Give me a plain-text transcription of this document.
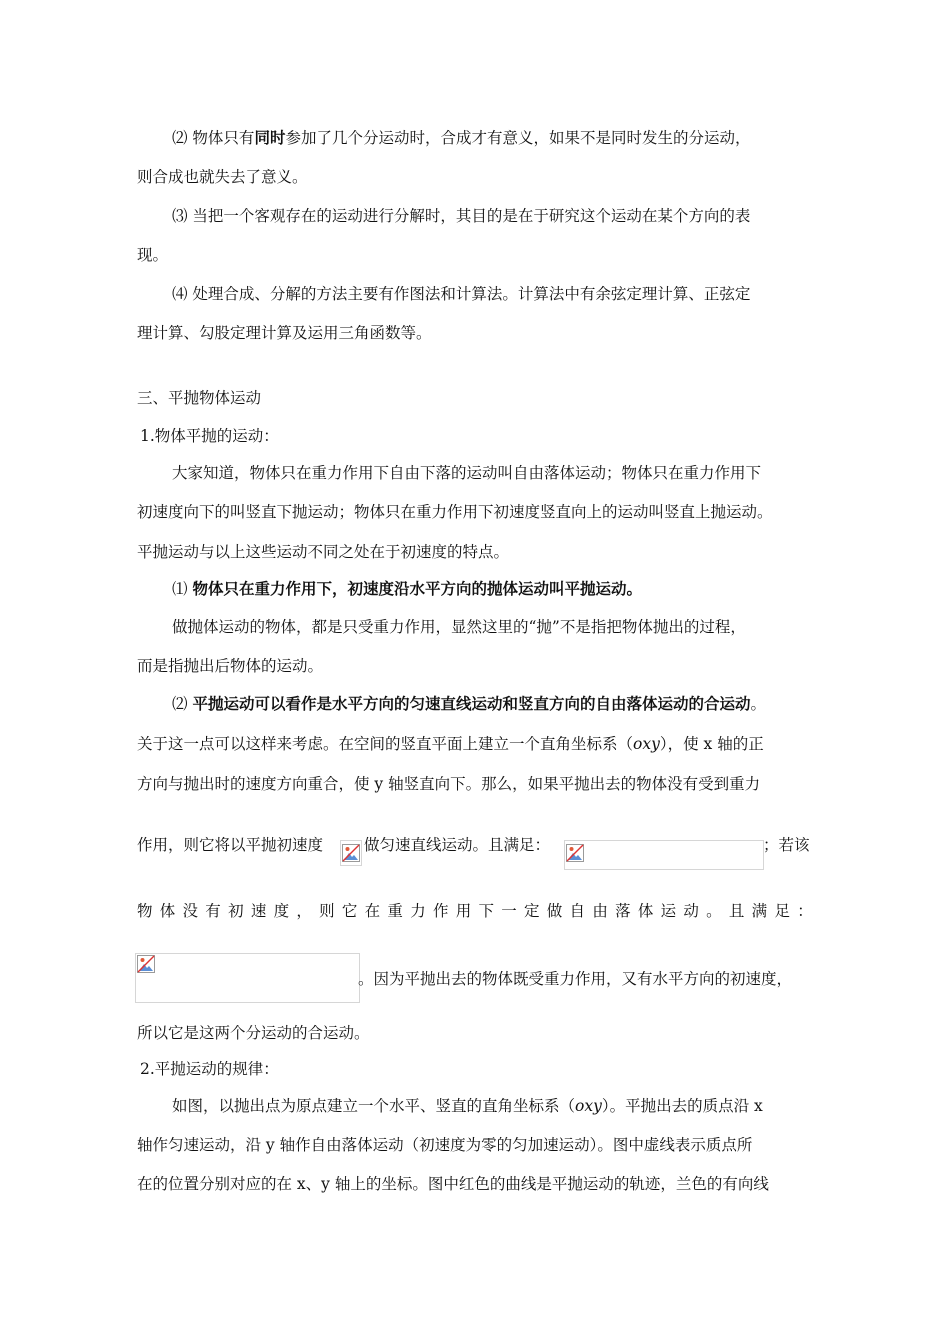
⑵ 物体只有同时参加了几个分运动时，合成才有意义，如果不是同时发生的分运动，
则合成也就失去了意义。
⑶ 当把一个客观存在的运动进行分解时，其目的是在于研究这个运动在某个方向的表
现。
⑷ 处理合成、分解的方法主要有作图法和计算法。计算法中有余弦定理计算、正弦定
理计算、勾股定理计算及运用三角函数等。
三、平抛物体运动
1.物体平抛的运动：
大家知道，物体只在重力作用下自由下落的运动叫自由落体运动；物体只在重力作用下
初速度向下的叫竖直下抛运动；物体只在重力作用下初速度竖直向上的运动叫竖直上抛运动。
平抛运动与以上这些运动不同之处在于初速度的特点。
⑴ 物体只在重力作用下，初速度沿水平方向的抛体运动叫平抛运动。
做抛体运动的物体，都是只受重力作用，显然这里的“抛”不是指把物体抛出的过程，
而是指抛出后物体的运动。
⑵ 平抛运动可以看作是水平方向的匀速直线运动和竖直方向的自由落体运动的合运动。
关于这一点可以这样来考虑。在空间的竖直平面上建立一个直角坐标系（oxy），使 x 轴的正
方向与抛出时的速度方向重合，使 y 轴竖直向下。那么，如果平抛出去的物体没有受到重力
作用，则它将以平抛初速度	做匀速直线运动。且满足：	；若该
物 体 没 有 初 速 度 ， 则 它 在 重 力 作 用 下 一 定 做 自 由 落 体 运 动 。 且 满 足 ：
。因为平抛出去的物体既受重力作用，又有水平方向的初速度，
所以它是这两个分运动的合运动。
2.平抛运动的规律：
如图，以抛出点为原点建立一个水平、竖直的直角坐标系（oxy）。平抛出去的质点沿 x
轴作匀速运动，沿 y 轴作自由落体运动（初速度为零的匀加速运动）。图中虚线表示质点所
在的位置分别对应的在 x、y 轴上的坐标。图中红色的曲线是平抛运动的轨迹，兰色的有向线
